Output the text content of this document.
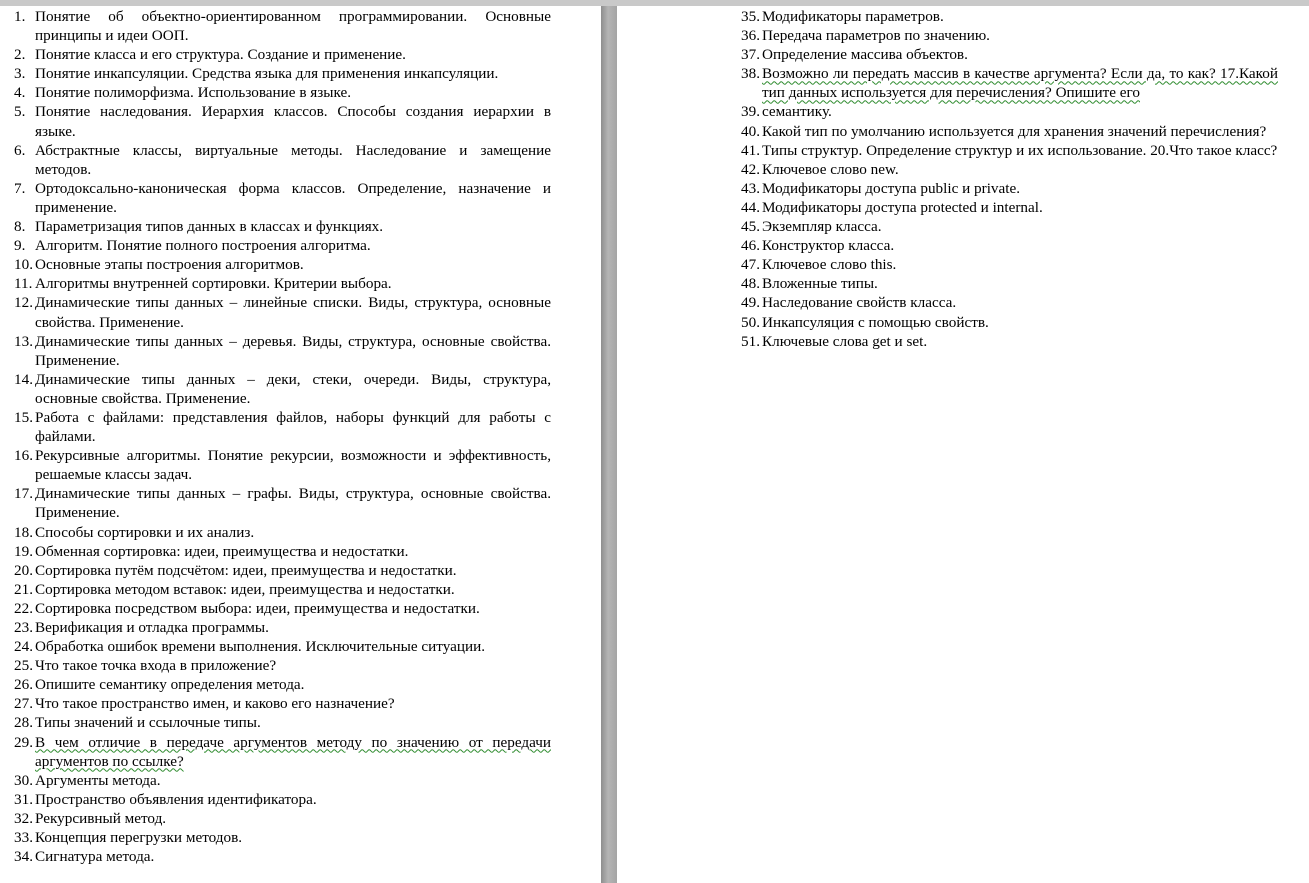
1. Понятие об объектно-ориентированном программировании. Основные принципы и идеи ООП.
2. Понятие класса и его структура. Создание и применение.
3. Понятие инкапсуляции. Средства языка для применения инкапсуляции.
4. Понятие полиморфизма. Использование в языке.
5. Понятие наследования. Иерархия классов. Способы создания иерархии в языке.
6. Абстрактные классы, виртуальные методы. Наследование и замещение методов.
7. Ортодоксально-каноническая форма классов. Определение, назначение и применение.
8. Параметризация типов данных в классах и функциях.
9. Алгоритм. Понятие полного построения алгоритма.
10. Основные этапы построения алгоритмов.
11. Алгоритмы внутренней сортировки. Критерии выбора.
12. Динамические типы данных – линейные списки. Виды, структура, основные свойства. Применение.
13. Динамические типы данных – деревья. Виды, структура, основные свойства. Применение.
14. Динамические типы данных – деки, стеки, очереди. Виды, структура, основные свойства. Применение.
15. Работа с файлами: представления файлов, наборы функций для работы с файлами.
16. Рекурсивные алгоритмы. Понятие рекурсии, возможности и эффективность, решаемые классы задач.
17. Динамические типы данных – графы. Виды, структура, основные свойства. Применение.
18. Способы сортировки и их анализ.
19. Обменная сортировка: идеи, преимущества и недостатки.
20. Сортировка путём подсчётом: идеи, преимущества и недостатки.
21. Сортировка методом вставок: идеи, преимущества и недостатки.
22. Сортировка посредством выбора: идеи, преимущества и недостатки.
23. Верификация и отладка программы.
24. Обработка ошибок времени выполнения. Исключительные ситуации.
25. Что такое точка входа в приложение?
26. Опишите семантику определения метода.
27. Что такое пространство имен, и каково его назначение?
28. Типы значений и ссылочные типы.
29. В чем отличие в передаче аргументов методу по значению от передачи аргументов по ссылке?
30. Аргументы метода.
31. Пространство объявления идентификатора.
32. Рекурсивный метод.
33. Концепция перегрузки методов.
34. Сигнатура метода.
35. Модификаторы параметров.
36. Передача параметров по значению.
37. Определение массива объектов.
38. Возможно ли передать массив в качестве аргумента? Если да, то как? 17.Какой тип данных используется для перечисления? Опишите его
39. семантику.
40. Какой тип по умолчанию используется для хранения значений перечисления?
41. Типы структур. Определение структур и их использование. 20.Что такое класс?
42. Ключевое слово new.
43. Модификаторы доступа public и private.
44. Модификаторы доступа protected и internal.
45. Экземпляр класса.
46. Конструктор класса.
47. Ключевое слово this.
48. Вложенные типы.
49. Наследование свойств класса.
50. Инкапсуляция с помощью свойств.
51. Ключевые слова get и set.
